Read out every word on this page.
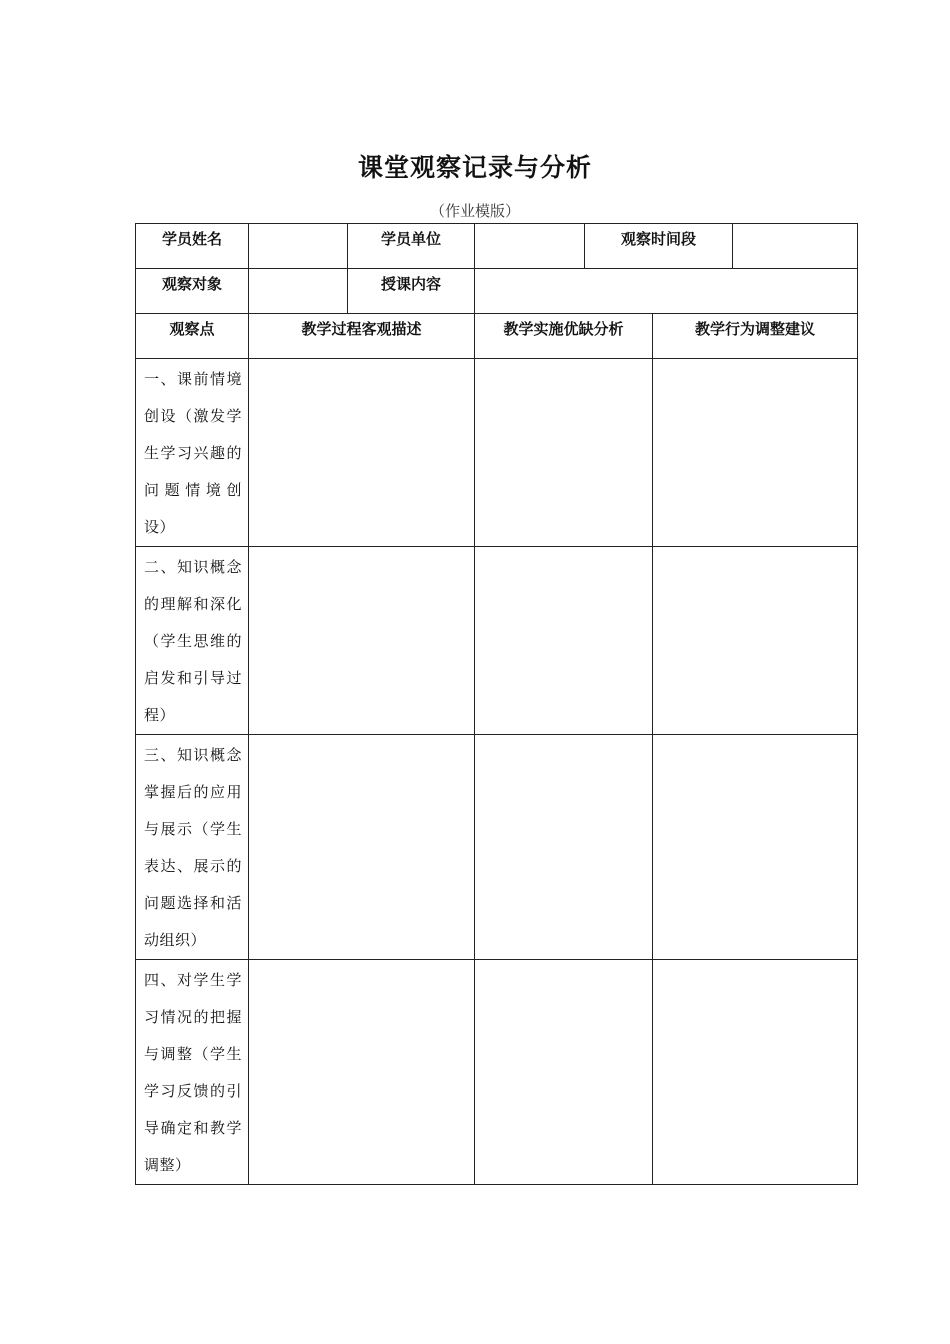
课堂观察记录与分析
（作业模版）
学员姓名		学员单位		观察时间段		
观察对象		授课内容				
观察点	教学过程客观描述		教学实施优缺分析		教学行为调整建议	

一、课前情境创设（激发学生学习兴趣的问题情境创设）						

二、知识概念的理解和深化（学生思维的启发和引导过程）						

三、知识概念掌握后的应用与展示（学生表达、展示的问题选择和活动组织）						

四、对学生学习情况的把握与调整（学生学习反馈的引导确定和教学调整）						
